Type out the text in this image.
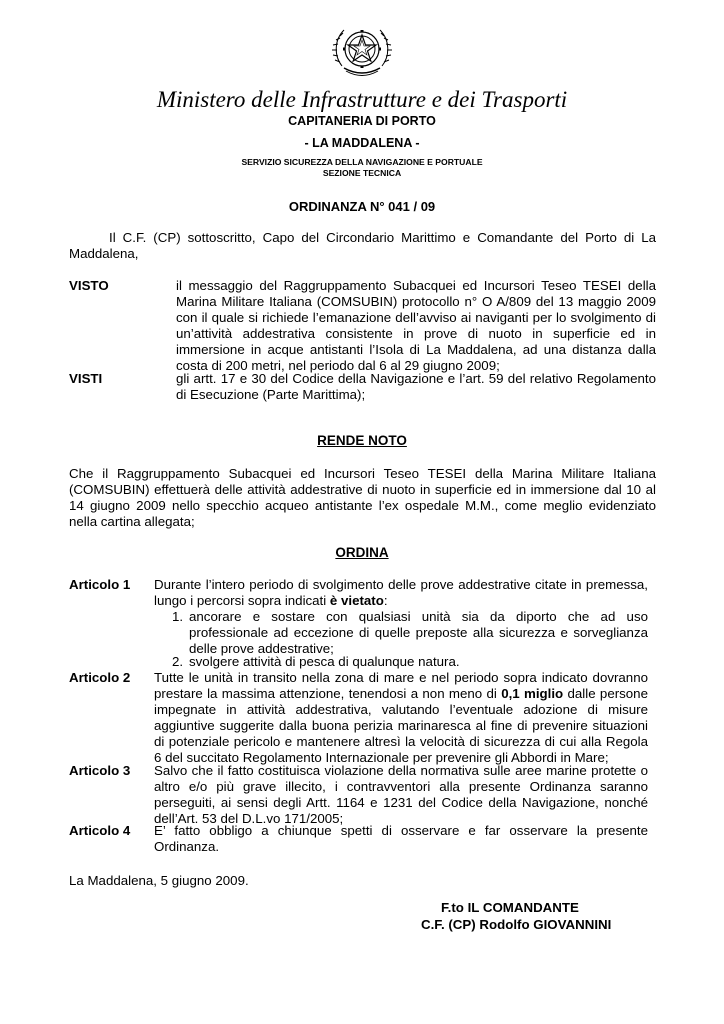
Ministero delle Infrastrutture e dei Trasporti
CAPITANERIA DI PORTO
- LA MADDALENA -
SERVIZIO SICUREZZA DELLA NAVIGAZIONE E PORTUALE
SEZIONE TECNICA
ORDINANZA N° 041 / 09
Il C.F. (CP) sottoscritto, Capo del Circondario Marittimo e Comandante del Porto di La Maddalena,
VISTO	il messaggio del Raggruppamento Subacquei ed Incursori Teseo TESEI della Marina Militare Italiana (COMSUBIN) protocollo n° O A/809 del 13 maggio 2009 con il quale si richiede l’emanazione dell’avviso ai naviganti per lo svolgimento di un’attività addestrativa consistente in prove di nuoto in superficie ed in immersione in acque antistanti l’Isola di La Maddalena, ad una distanza dalla costa di 200 metri, nel periodo dal 6 al 29 giugno 2009;
VISTI	gli artt. 17 e 30 del Codice della Navigazione e l’art. 59 del relativo Regolamento di Esecuzione (Parte Marittima);
RENDE NOTO
Che il Raggruppamento Subacquei ed Incursori Teseo TESEI della Marina Militare Italiana (COMSUBIN) effettuerà delle attività addestrative di nuoto in superficie ed in immersione dal 10 al 14 giugno 2009 nello specchio acqueo antistante l’ex ospedale M.M., come meglio evidenziato nella cartina allegata;
ORDINA
Articolo 1 Durante l’intero periodo di svolgimento delle prove addestrative citate in premessa, lungo i percorsi sopra indicati è vietato:
1. ancorare e sostare con qualsiasi unità sia da diporto che ad uso professionale ad eccezione di quelle preposte alla sicurezza e sorveglianza delle prove addestrative;
2. svolgere attività di pesca di qualunque natura.
Articolo 2 Tutte le unità in transito nella zona di mare e nel periodo sopra indicato dovranno prestare la massima attenzione, tenendosi a non meno di 0,1 miglio dalle persone impegnate in attività addestrativa, valutando l’eventuale adozione di misure aggiuntive suggerite dalla buona perizia marinaresca al fine di prevenire situazioni di potenziale pericolo e mantenere altresì la velocità di sicurezza di cui alla Regola 6 del succitato Regolamento Internazionale per prevenire gli Abbordi in Mare;
Articolo 3 Salvo che il fatto costituisca violazione della normativa sulle aree marine protette o altro e/o più grave illecito, i contravventori alla presente Ordinanza saranno perseguiti, ai sensi degli Artt. 1164 e 1231 del Codice della Navigazione, nonché dell’Art. 53 del D.L.vo 171/2005;
Articolo 4 E’ fatto obbligo a chiunque spetti di osservare e far osservare la presente Ordinanza.
La Maddalena, 5 giugno 2009.
F.to IL COMANDANTE
C.F. (CP) Rodolfo GIOVANNINI
